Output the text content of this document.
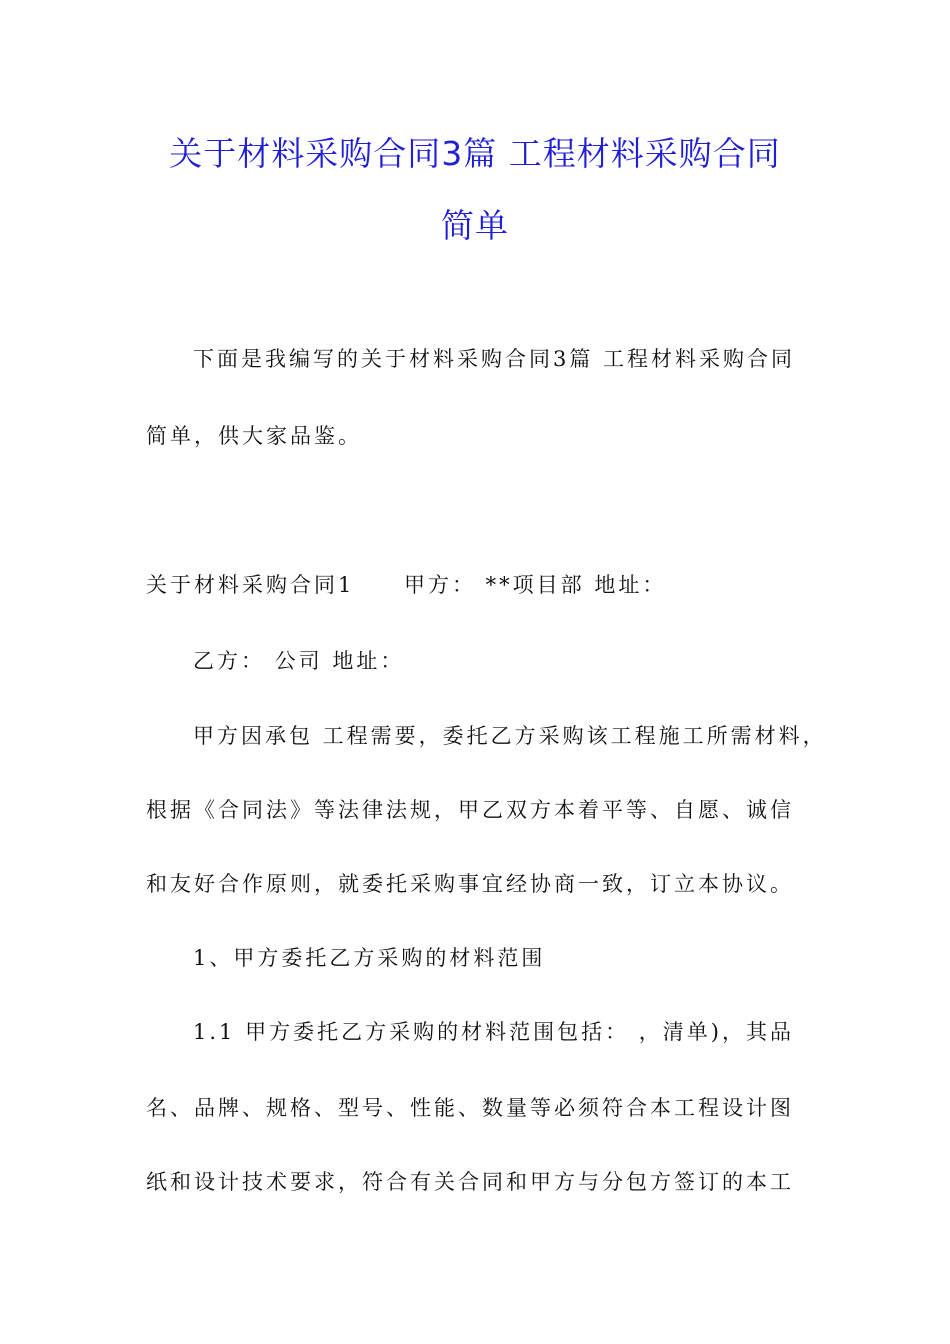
关于材料采购合同3篇 工程材料采购合同
简单
下面是我编写的关于材料采购合同3篇 工程材料采购合同
简单，供大家品鉴。
关于材料采购合同1 甲方： **项目部 地址：
乙方： 公司 地址：
甲方因承包 工程需要，委托乙方采购该工程施工所需材料，
根据《合同法》等法律法规，甲乙双方本着平等、自愿、诚信
和友好合作原则，就委托采购事宜经协商一致，订立本协议。
1、甲方委托乙方采购的材料范围
1.1 甲方委托乙方采购的材料范围包括： ，清单)，其品
名、品牌、规格、型号、性能、数量等必须符合本工程设计图
纸和设计技术要求，符合有关合同和甲方与分包方签订的本工
